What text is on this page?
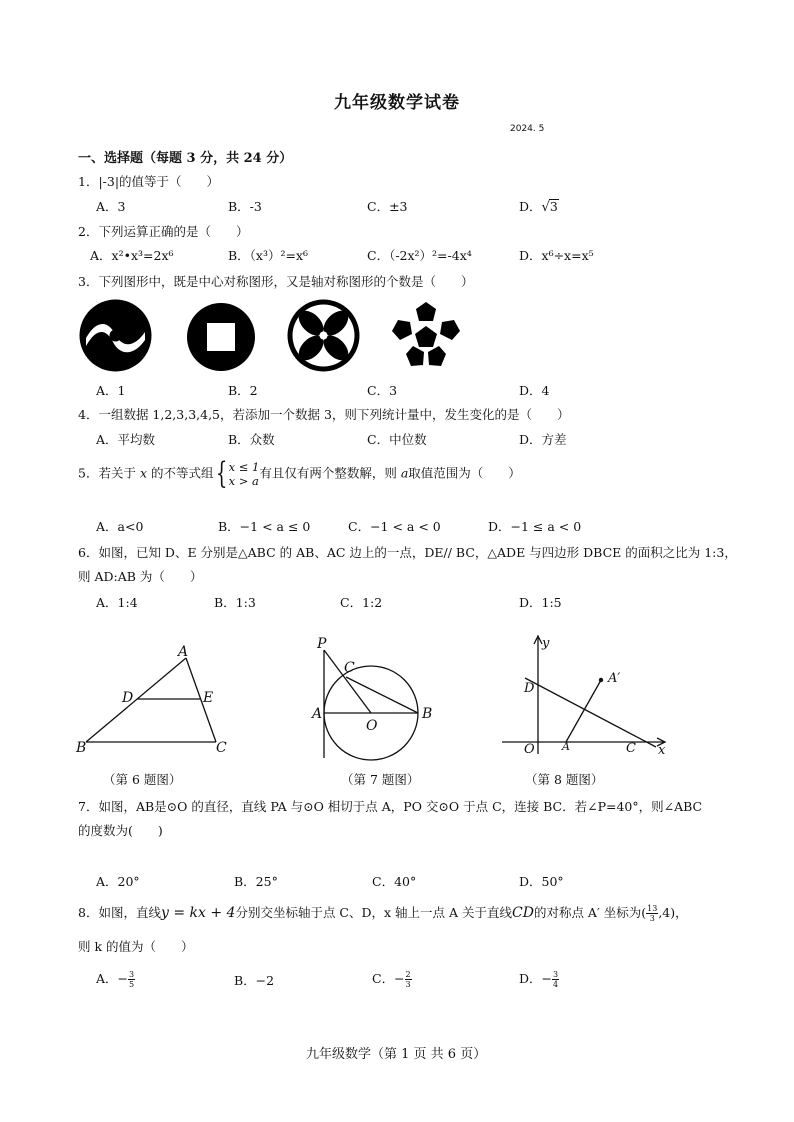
九年级数学试卷
2024. 5
一、选择题（每题 3 分，共 24 分）
1．|-3|的值等于（　　）
A．3	B．-3	C．±3	D．√3
2．下列运算正确的是（　　）
A．x²•x³=2x⁶	B．（x³）²=x⁶	C．（-2x²）²=-4x⁴	D．x⁶÷x=x⁵
3．下列图形中，既是中心对称图形，又是轴对称图形的个数是（　　）
A．1	B．2	C．3	D．4
4．一组数据 1,2,3,3,4,5，若添加一个数据 3，则下列统计量中，发生变化的是（　　）
A．平均数	B．众数	C．中位数	D．方差
5．若关于 x 的不等式组{ x ≤ 1
x > a
有且仅有两个整数解，则 a取值范围为（　　）
A．a<0	B．−1 < a ≤ 0	C．−1 < a < 0	D．−1 ≤ a < 0
6．如图，已知 D、E 分别是△ABC 的 AB、AC 边上的一点，DE// BC，△ADE 与四边形 DBCE 的面积之比为 1:3，
则 AD:AB 为（　　）
A．1:4	B．1:3	C．1:2	D．1:5
A
B	C
D	E
（第 6 题图）
P
C
A
O
B
（第 7 题图）
y
D
A′
O A	C x
（第 8 题图）
7．如图，AB是⊙O 的直径，直线 PA 与⊙O 相切于点 A，PO 交⊙O 于点 C，连接 BC．若∠P=40°，则∠ABC
的度数为(　　)
A．20°	B．25°	C．40°	D．50°
8．如图，直线y = kx + 4分别交坐标轴于点 C、D，x 轴上一点 A 关于直线CD的对称点 A′ 坐标为( $\frac{13}{3} ,4$)，
则 k 的值为（　　）
A．− $\frac{3}{5}$	B．−2	C．− $\frac{2}{3}$	D．− $\frac{3}{4}$
九年级数学（第 1 页 共 6 页）
